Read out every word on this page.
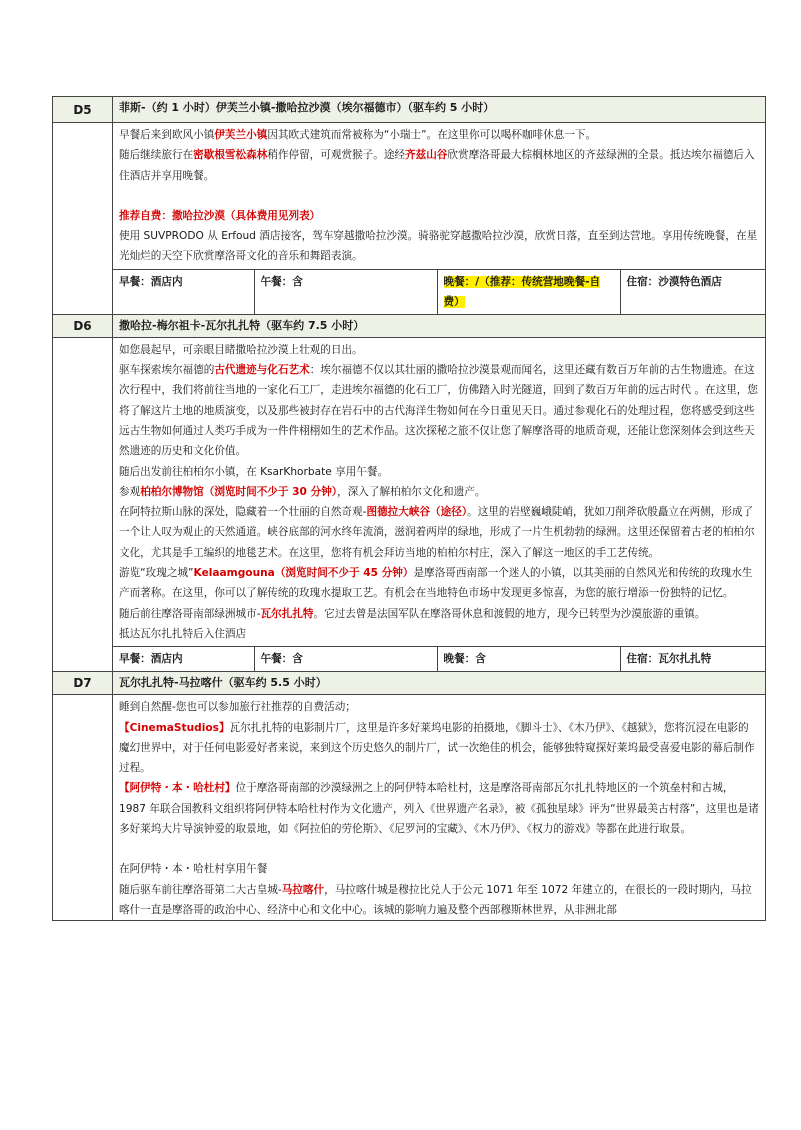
D5	菲斯-（约 1 小时）伊芙兰小镇-撒哈拉沙漠（埃尔福德市）（驱车约 5 小时）

早餐后来到欧风小镇伊芙兰小镇因其欧式建筑而常被称为“小瑞士”。在这里你可以喝杯咖啡休息一下。

随后继续旅行在密歇根雪松森林稍作停留，可观赏猴子。途经齐兹山谷欣赏摩洛哥最大棕榈林地区的齐兹绿洲的全景。抵达埃尔福德后入住酒店并享用晚餐。

推荐自费：撒哈拉沙漠（具体费用见列表）

使用 SUVPRODO 从 Erfoud 酒店接客，驾车穿越撒哈拉沙漠。骑骆驼穿越撒哈拉沙漠，欣赏日落，直至到达营地。享用传统晚餐，在星光灿烂的天空下欣赏摩洛哥文化的音乐和舞蹈表演。

早餐：酒店内	午餐：含	晚餐：/（推荐：传统营地晚餐-自费）	住宿：沙漠特色酒店

D6	撒哈拉-梅尔祖卡-瓦尔扎扎特（驱车约 7.5 小时）

如您晨起早，可亲眼目睹撒哈拉沙漠上壮观的日出。

驱车探索埃尔福德的古代遗迹与化石艺术：埃尔福德不仅以其壮丽的撒哈拉沙漠景观而闻名，这里还藏有数百万年前的古生物遗迹。在这次行程中，我们将前往当地的一家化石工厂，走进埃尔福德的化石工厂，仿佛踏入时光隧道，回到了数百万年前的远古时代 。在这里，您将了解这片土地的地质演变，以及那些被封存在岩石中的古代海洋生物如何在今日重见天日。通过参观化石的处理过程，您将感受到这些远古生物如何通过人类巧手成为一件件栩栩如生的艺术作品。这次探秘之旅不仅让您了解摩洛哥的地质奇观，还能让您深刻体会到这些天然遗迹的历史和文化价值。

随后出发前往柏柏尔小镇，在 KsarKhorbate 享用午餐。

参观柏柏尔博物馆（浏览时间不少于 30 分钟），深入了解柏柏尔文化和遗产。

在阿特拉斯山脉的深处，隐藏着一个壮丽的自然奇观-图德拉大峡谷（途径）。这里的岩壁巍峨陡峭，犹如刀削斧砍般矗立在两侧，形成了一个让人叹为观止的天然通道。峡谷底部的河水终年流淌，滋润着两岸的绿地，形成了一片生机勃勃的绿洲。这里还保留着古老的柏柏尔文化，尤其是手工编织的地毯艺术。在这里，您将有机会拜访当地的柏柏尔村庄，深入了解这一地区的手工艺传统。

游览“玫瑰之城”Kelaamgouna（浏览时间不少于 45 分钟）是摩洛哥西南部一个迷人的小镇，以其美丽的自然风光和传统的玫瑰水生产而著称。在这里，你可以了解传统的玫瑰水提取工艺。有机会在当地特色市场中发现更多惊喜，为您的旅行增添一份独特的记忆。

随后前往摩洛哥南部绿洲城市-瓦尔扎扎特。它过去曾是法国军队在摩洛哥休息和渡假的地方，现今已转型为沙漠旅游的重镇。

抵达瓦尔扎扎特后入住酒店

早餐：酒店内	午餐：含	晚餐：含	住宿：瓦尔扎扎特

D7	瓦尔扎扎特-马拉喀什（驱车约 5.5 小时）

睡到自然醒-您也可以参加旅行社推荐的自费活动；

【CinemaStudios】瓦尔扎扎特的电影制片厂，这里是许多好莱坞电影的拍摄地，《脚斗士》、《木乃伊》、《越狱》，您将沉浸在电影的魔幻世界中，对于任何电影爱好者来说，来到这个历史悠久的制片厂，试一次绝佳的机会，能够独特窥探好莱坞最受喜爱电影的幕后制作过程。

【阿伊特・本・哈杜村】位于摩洛哥南部的沙漠绿洲之上的阿伊特本哈杜村，这是摩洛哥南部瓦尔扎扎特地区的一个筑垒村和古城，1987 年联合国教科文组织将阿伊特本哈杜村作为文化遗产，列入《世界遗产名录》，被《孤独星球》评为“世界最美古村落”，这里也是诸多好莱坞大片导演钟爱的取景地，如《阿拉伯的劳伦斯》、《尼罗河的宝藏》、《木乃伊》、《权力的游戏》等都在此进行取景。

在阿伊特・本・哈杜村享用午餐

随后驱车前往摩洛哥第二大古皇城-马拉喀什，马拉喀什城是穆拉比兑人于公元 1071 年至 1072 年建立的，在很长的一段时期内，马拉喀什一直是摩洛哥的政治中心、经济中心和文化中心。该城的影响力遍及整个西部穆斯林世界，从非洲北部
